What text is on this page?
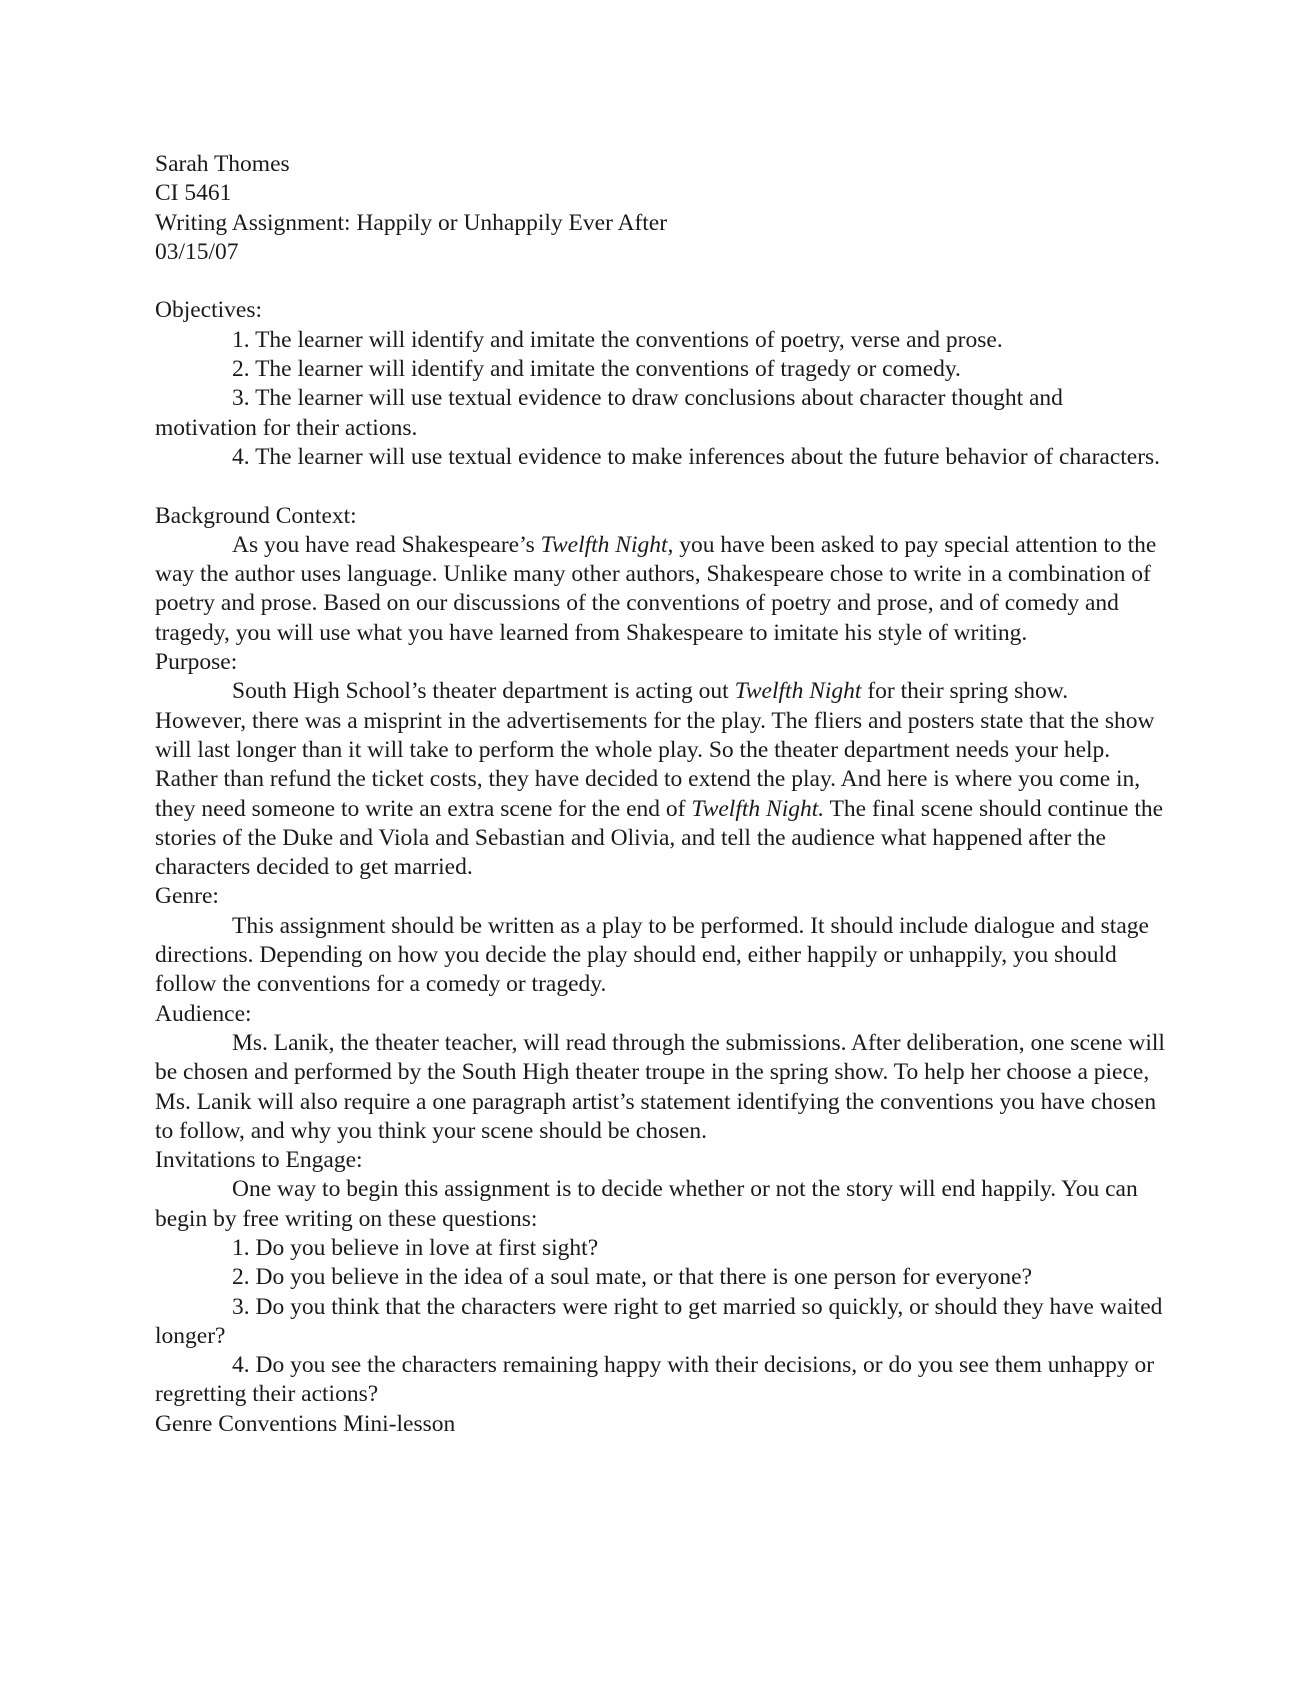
Sarah Thomes

CI 5461

Writing Assignment: Happily or Unhappily Ever After

03/15/07

Objectives:

1. The learner will identify and imitate the conventions of poetry, verse and prose.

2. The learner will identify and imitate the conventions of tragedy or comedy.

3. The learner will use textual evidence to draw conclusions about character thought and motivation for their actions.

4. The learner will use textual evidence to make inferences about the future behavior of characters.

Background Context:

As you have read Shakespeare’s Twelfth Night, you have been asked to pay special attention to the way the author uses language. Unlike many other authors, Shakespeare chose to write in a combination of poetry and prose. Based on our discussions of the conventions of poetry and prose, and of comedy and tragedy, you will use what you have learned from Shakespeare to imitate his style of writing.

Purpose:

South High School’s theater department is acting out Twelfth Night for their spring show. However, there was a misprint in the advertisements for the play. The fliers and posters state that the show will last longer than it will take to perform the whole play. So the theater department needs your help. Rather than refund the ticket costs, they have decided to extend the play. And here is where you come in, they need someone to write an extra scene for the end of Twelfth Night. The final scene should continue the stories of the Duke and Viola and Sebastian and Olivia, and tell the audience what happened after the characters decided to get married.

Genre:

This assignment should be written as a play to be performed. It should include dialogue and stage directions. Depending on how you decide the play should end, either happily or unhappily, you should follow the conventions for a comedy or tragedy.

Audience:

Ms. Lanik, the theater teacher, will read through the submissions. After deliberation, one scene will be chosen and performed by the South High theater troupe in the spring show. To help her choose a piece, Ms. Lanik will also require a one paragraph artist’s statement identifying the conventions you have chosen to follow, and why you think your scene should be chosen.

Invitations to Engage:

One way to begin this assignment is to decide whether or not the story will end happily. You can begin by free writing on these questions:

1. Do you believe in love at first sight?

2. Do you believe in the idea of a soul mate, or that there is one person for everyone?

3. Do you think that the characters were right to get married so quickly, or should they have waited longer?

4. Do you see the characters remaining happy with their decisions, or do you see them unhappy or regretting their actions?

Genre Conventions Mini-lesson
